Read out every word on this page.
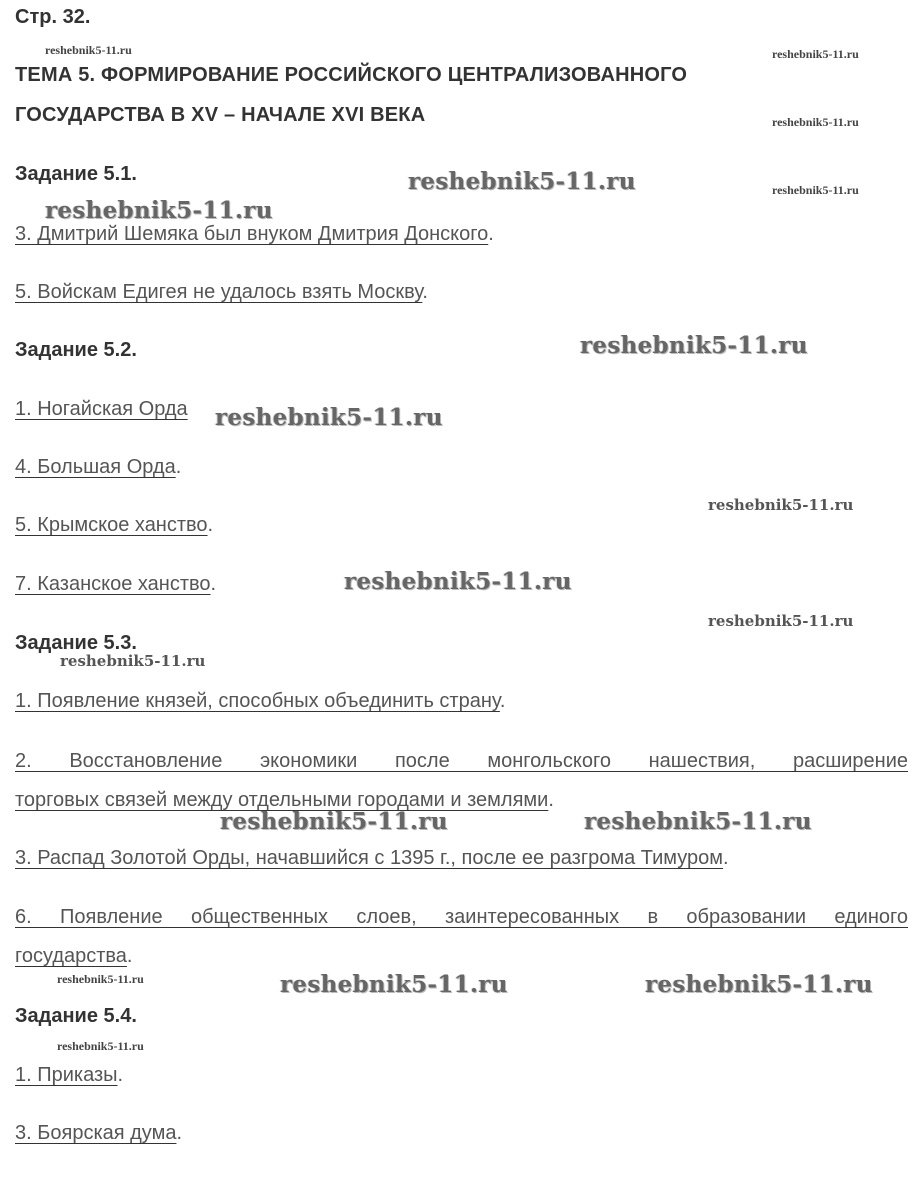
Стр. 32.
ТЕМА 5. ФОРМИРОВАНИЕ РОССИЙСКОГО ЦЕНТРАЛИЗОВАННОГО
ГОСУДАРСТВА В XV – НАЧАЛЕ XVI ВЕКА
Задание 5.1.
3. Дмитрий Шемяка был внуком Дмитрия Донского.
5. Войскам Едигея не удалось взять Москву.
Задание 5.2.
1. Ногайская Орда
4. Большая Орда.
5. Крымское ханство.
7. Казанское ханство.
Задание 5.3.
1. Появление князей, способных объединить страну.
2. Восстановление экономики после монгольского нашествия, расширение
торговых связей между отдельными городами и землями.
3. Распад Золотой Орды, начавшийся с 1395 г., после ее разгрома Тимуром.
6. Появление общественных слоев, заинтересованных в образовании единого
государства.
Задание 5.4.
1. Приказы.
3. Боярская дума.
reshebnik5-11.ru	reshebnik5-11.ru
reshebnik5-11.ru
reshebnik5-11.ru
reshebnik5-11.ru
reshebnik5-11.ru
reshebnik5-11.ru
reshebnik5-11.ru
reshebnik5-11.ru
reshebnik5-11.ru
reshebnik5-11.ru
reshebnik5-11.ru
reshebnik5-11.ru	reshebnik5-11.ru
reshebnik5-11.ru	reshebnik5-11.ru	reshebnik5-11.ru
reshebnik5-11.ru
